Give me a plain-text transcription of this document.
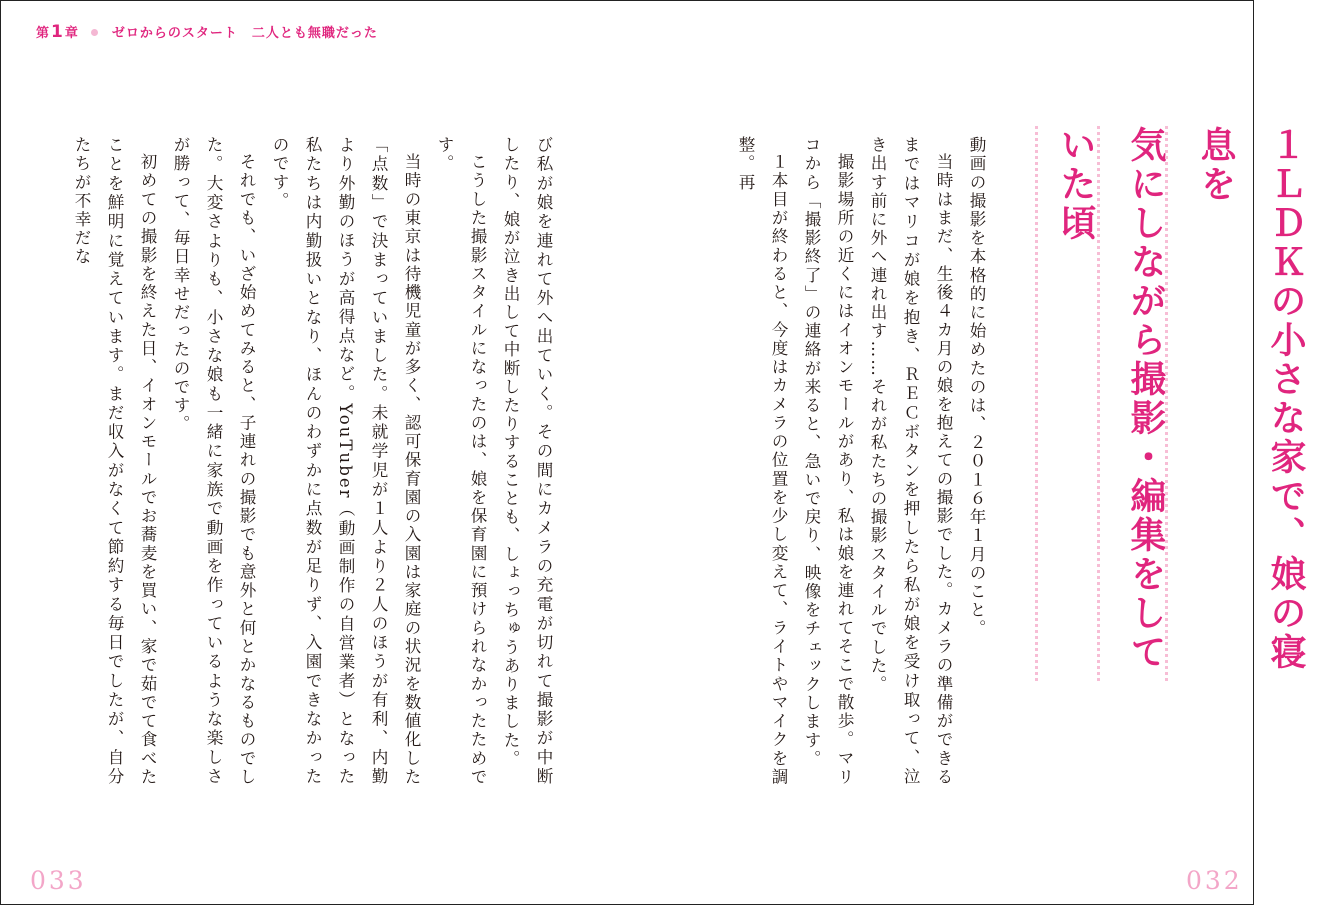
第1章	ゼロからのスタート　二人とも無職だった
１ＬＤＫの小さな家で、娘の寝息を
気にしながら撮影・編集をしていた頃

動画の撮影を本格的に始めたのは、２０１６年１月のこと。

当時はまだ、生後４カ月の娘を抱えての撮影でした。カメラの準備ができるまではマリコが娘を抱き、ＲＥＣボタンを押したら私が娘を受け取って、泣き出す前に外へ連れ出す……それが私たちの撮影スタイルでした。

撮影場所の近くにはイオンモールがあり、私は娘を連れてそこで散歩。マリコから「撮影終了」の連絡が来ると、急いで戻り、映像をチェックします。

１本目が終わると、今度はカメラの位置を少し変えて、ライトやマイクを調整。再

び私が娘を連れて外へ出ていく。その間にカメラの充電が切れて撮影が中断したり、娘が泣き出して中断したりすることも、しょっちゅうありました。

こうした撮影スタイルになったのは、娘を保育園に預けられなかったためです。

当時の東京は待機児童が多く、認可保育園の入園は家庭の状況を数値化した「点数」で決まっていました。未就学児が１人より２人のほうが有利、内勤より外勤のほうが高得点など。YouTuber（動画制作の自営業者）となった私たちは内勤扱いとなり、ほんのわずかに点数が足りず、入園できなかったのです。

それでも、いざ始めてみると、子連れの撮影でも意外と何とかなるものでした。大変さよりも、小さな娘も一緒に家族で動画を作っているような楽しさが勝って、毎日幸せだったのです。

初めての撮影を終えた日、イオンモールでお蕎麦を買い、家で茹でて食べたことを鮮明に覚えています。まだ収入がなくて節約する毎日でしたが、自分たちが不幸だな

033	032
